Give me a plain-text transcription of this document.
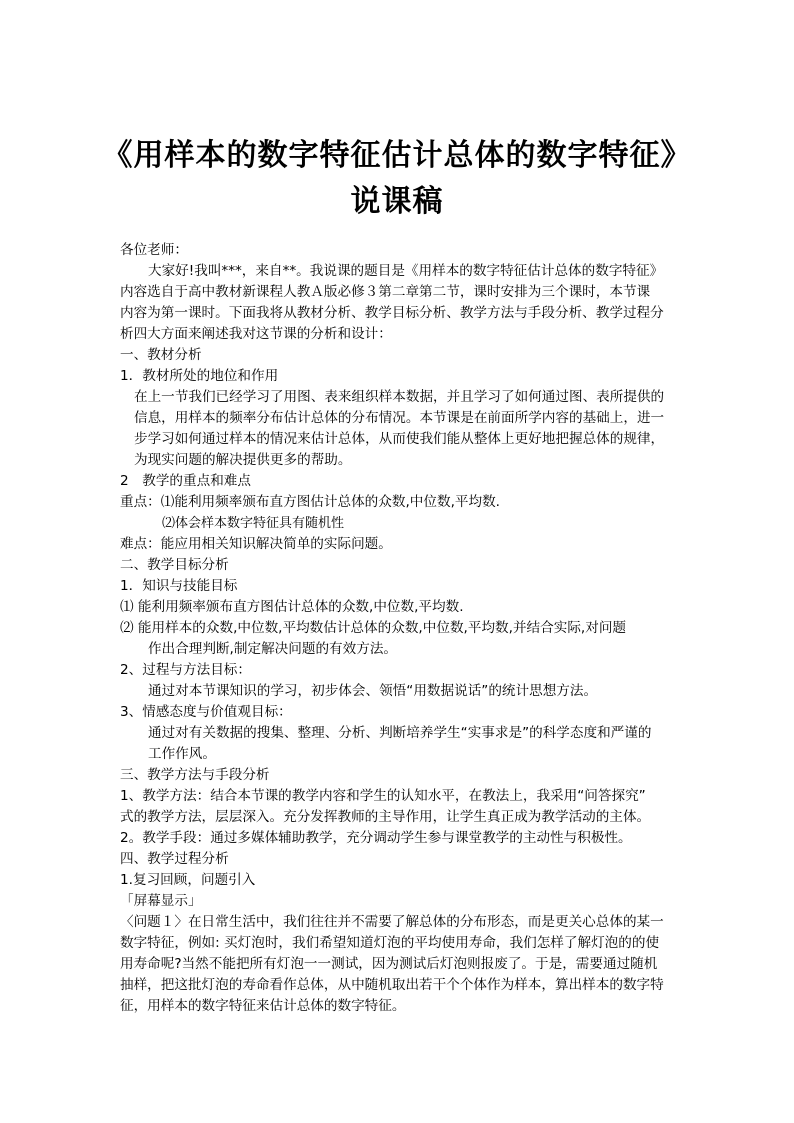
《用样本的数字特征估计总体的数字特征》
说课稿

各位老师：

大家好!我叫***，来自**。我说课的题目是《用样本的数字特征估计总体的数字特征》

内容选自于高中教材新课程人教Ａ版必修３第二章第二节，课时安排为三个课时，本节课

内容为第一课时。下面我将从教材分析、教学目标分析、教学方法与手段分析、教学过程分

析四大方面来阐述我对这节课的分析和设计：

一、教材分析

1．教材所处的地位和作用

在上一节我们已经学习了用图、表来组织样本数据，并且学习了如何通过图、表所提供的

信息，用样本的频率分布估计总体的分布情况。本节课是在前面所学内容的基础上，进一

步学习如何通过样本的情况来估计总体，从而使我们能从整体上更好地把握总体的规律，

为现实问题的解决提供更多的帮助。

2　教学的重点和难点

重点：⑴能利用频率颁布直方图估计总体的众数,中位数,平均数.

⑵体会样本数字特征具有随机性

难点：能应用相关知识解决简单的实际问题。

二、教学目标分析

1．知识与技能目标

⑴ 能利用频率颁布直方图估计总体的众数,中位数,平均数.

⑵ 能用样本的众数,中位数,平均数估计总体的众数,中位数,平均数,并结合实际,对问题

作出合理判断,制定解决问题的有效方法。

2、过程与方法目标：

通过对本节课知识的学习，初步体会、领悟“用数据说话”的统计思想方法。

3、情感态度与价值观目标：

通过对有关数据的搜集、整理、分析、判断培养学生“实事求是”的科学态度和严谨的

工作作风。

三、教学方法与手段分析

1、教学方法：结合本节课的教学内容和学生的认知水平，在教法上，我采用“问答探究”

式的教学方法，层层深入。充分发挥教师的主导作用，让学生真正成为教学活动的主体。

2。教学手段：通过多媒体辅助教学，充分调动学生参与课堂教学的主动性与积极性。

四、教学过程分析

1.复习回顾，问题引入

「屏幕显示」

〈问题１〉在日常生活中，我们往往并不需要了解总体的分布形态，而是更关心总体的某一

数字特征，例如: 买灯泡时，我们希望知道灯泡的平均使用寿命，我们怎样了解灯泡的的使

用寿命呢?当然不能把所有灯泡一一测试，因为测试后灯泡则报废了。于是，需要通过随机

抽样，把这批灯泡的寿命看作总体，从中随机取出若干个个体作为样本，算出样本的数字特

征，用样本的数字特征来估计总体的数字特征。
